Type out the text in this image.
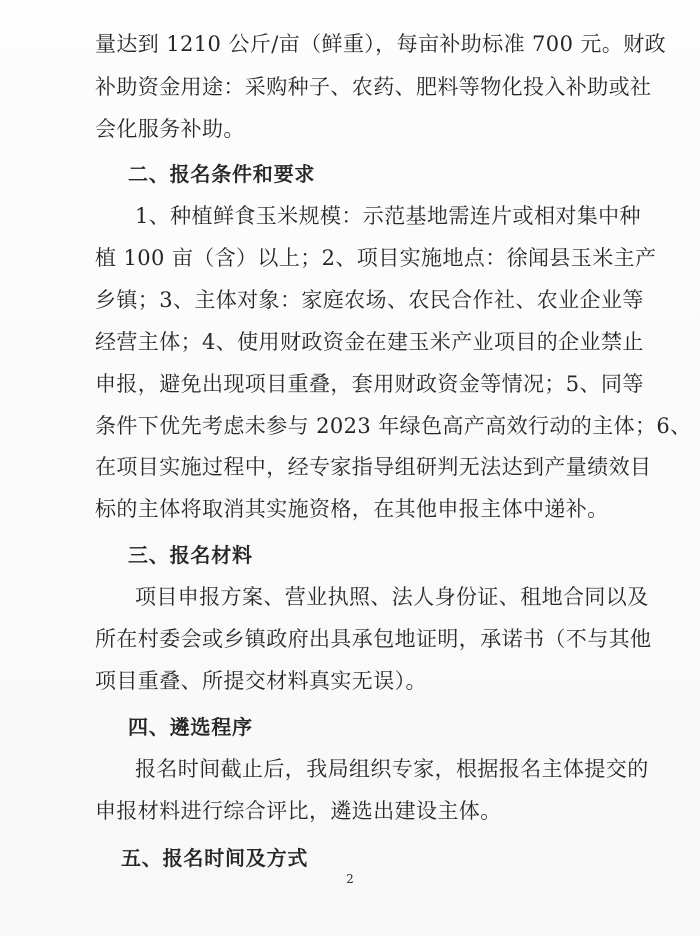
量达到 1210 公斤/亩（鲜重），每亩补助标准 700 元。财政
补助资金用途：采购种子、农药、肥料等物化投入补助或社
会化服务补助。
二、报名条件和要求
1、种植鲜食玉米规模：示范基地需连片或相对集中种
植 100 亩（含）以上；2、项目实施地点：徐闻县玉米主产
乡镇；3、主体对象：家庭农场、农民合作社、农业企业等
经营主体；4、使用财政资金在建玉米产业项目的企业禁止
申报，避免出现项目重叠，套用财政资金等情况；5、同等
条件下优先考虑未参与 2023 年绿色高产高效行动的主体；6、
在项目实施过程中，经专家指导组研判无法达到产量绩效目
标的主体将取消其实施资格，在其他申报主体中递补。
三、报名材料
项目申报方案、营业执照、法人身份证、租地合同以及
所在村委会或乡镇政府出具承包地证明，承诺书（不与其他
项目重叠、所提交材料真实无误）。
四、遴选程序
报名时间截止后，我局组织专家，根据报名主体提交的
申报材料进行综合评比，遴选出建设主体。
五、报名时间及方式
2
